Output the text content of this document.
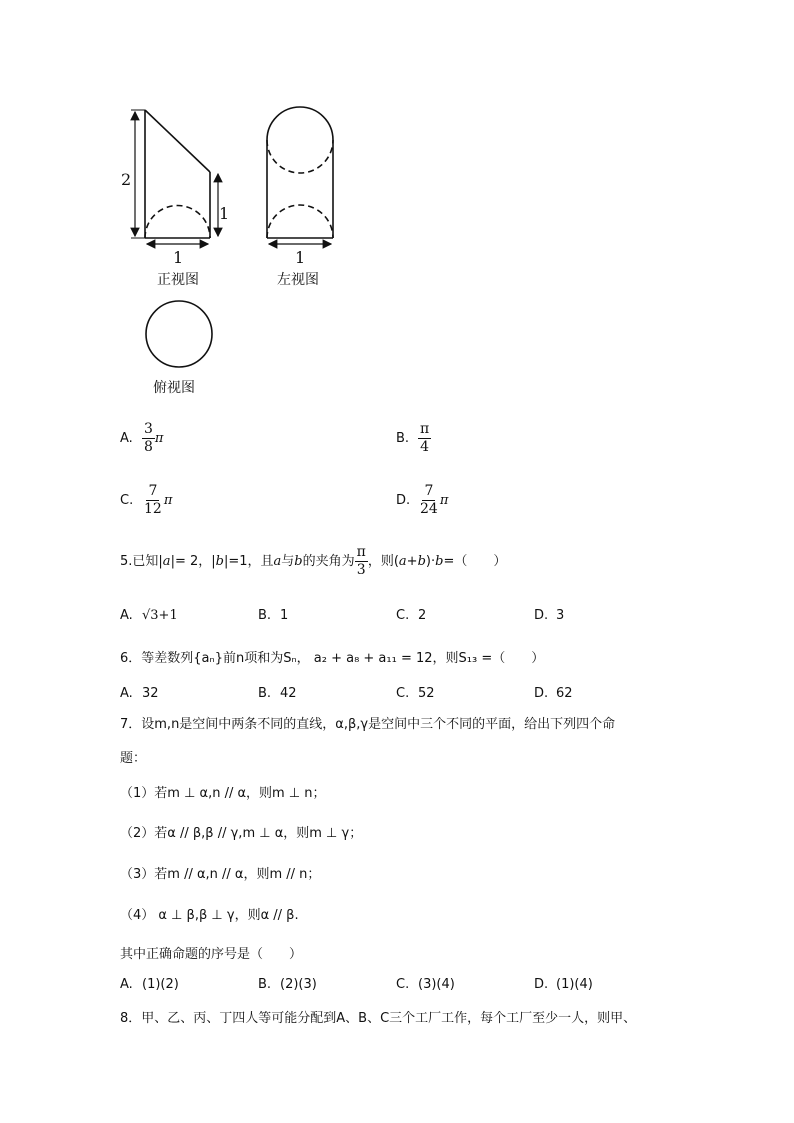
2
1
1
正视图
1
左视图
俯视图
A. $\frac{3}{8}$ π	B. $\frac{\pi}{4}$
C. $\frac{7}{12}$ π	D. $\frac{7}{24}$ π
5. 已知| a |= 2，| b |=1，且 a 与 b 的夹角为 $\frac{\pi}{3}$ ，则( a + b )· b =（　　）
A. √3+1	B. 1	C. 2	D. 3
6．等差数列{aₙ}前n项和为Sₙ， a₂ + a₈ + a₁₁ = 12，则S₁₃ =（　　）
A. 32	B. 42	C. 52	D. 62
7．设m,n是空间中两条不同的直线，α,β,γ是空间中三个不同的平面，给出下列四个命
题：
（1）若m ⊥ α,n // α，则m ⊥ n；
（2）若α // β,β // γ,m ⊥ α，则m ⊥ γ；
（3）若m // α,n // α，则m // n；
（4） α ⊥ β,β ⊥ γ，则α // β.
其中正确命题的序号是（　　）
A. (1)(2)	B. (2)(3)	C. (3)(4)	D. (1)(4)
8．甲、乙、丙、丁四人等可能分配到A、B、C三个工厂工作，每个工厂至少一人，则甲、
